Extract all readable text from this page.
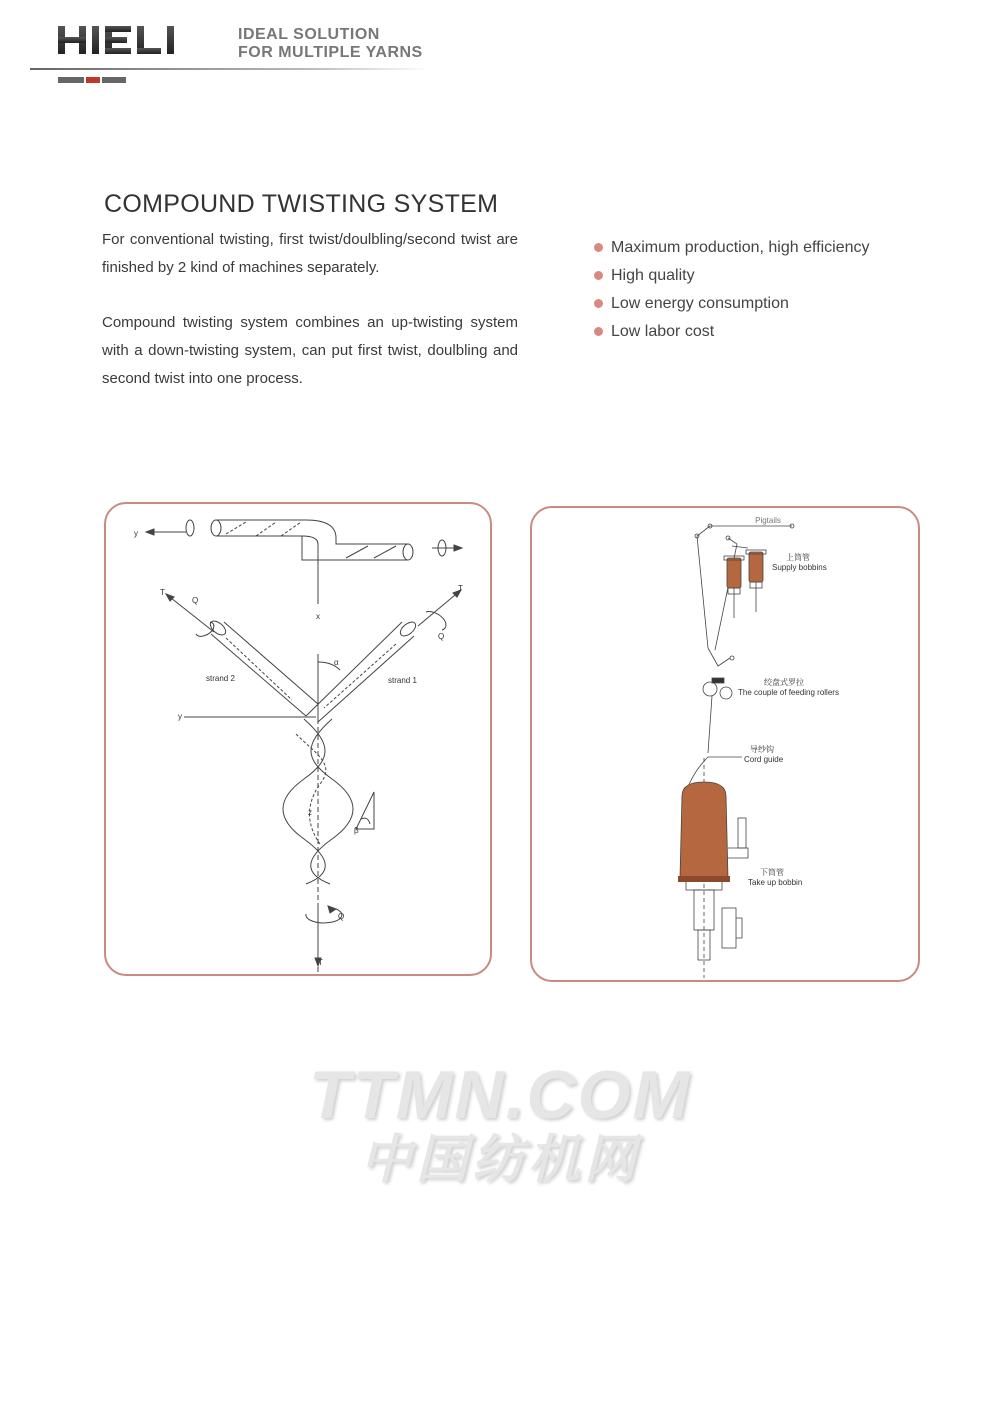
HIELI
IDEAL SOLUTION
FOR MULTIPLE YARNS
COMPOUND TWISTING SYSTEM

For conventional twisting, first twist/doulbling/second twist are finished by 2 kind of machines separately.

Compound twisting system combines an up-twisting system with a down-twisting system, can put first twist, doulbling and second twist into one process.

Maximum production, high efficiency
High quality
Low energy consumption
Low labor cost
y
x
T
Q
T
Q
α
strand 2	strand 1
y
z
β
Q
T
Pigtails
上筒管
Supply bobbins
绞盘式罗拉
The couple of feeding rollers
导纱钩
Cord guide
下筒管
Take up bobbin
TTMN.COM
中国纺机网
